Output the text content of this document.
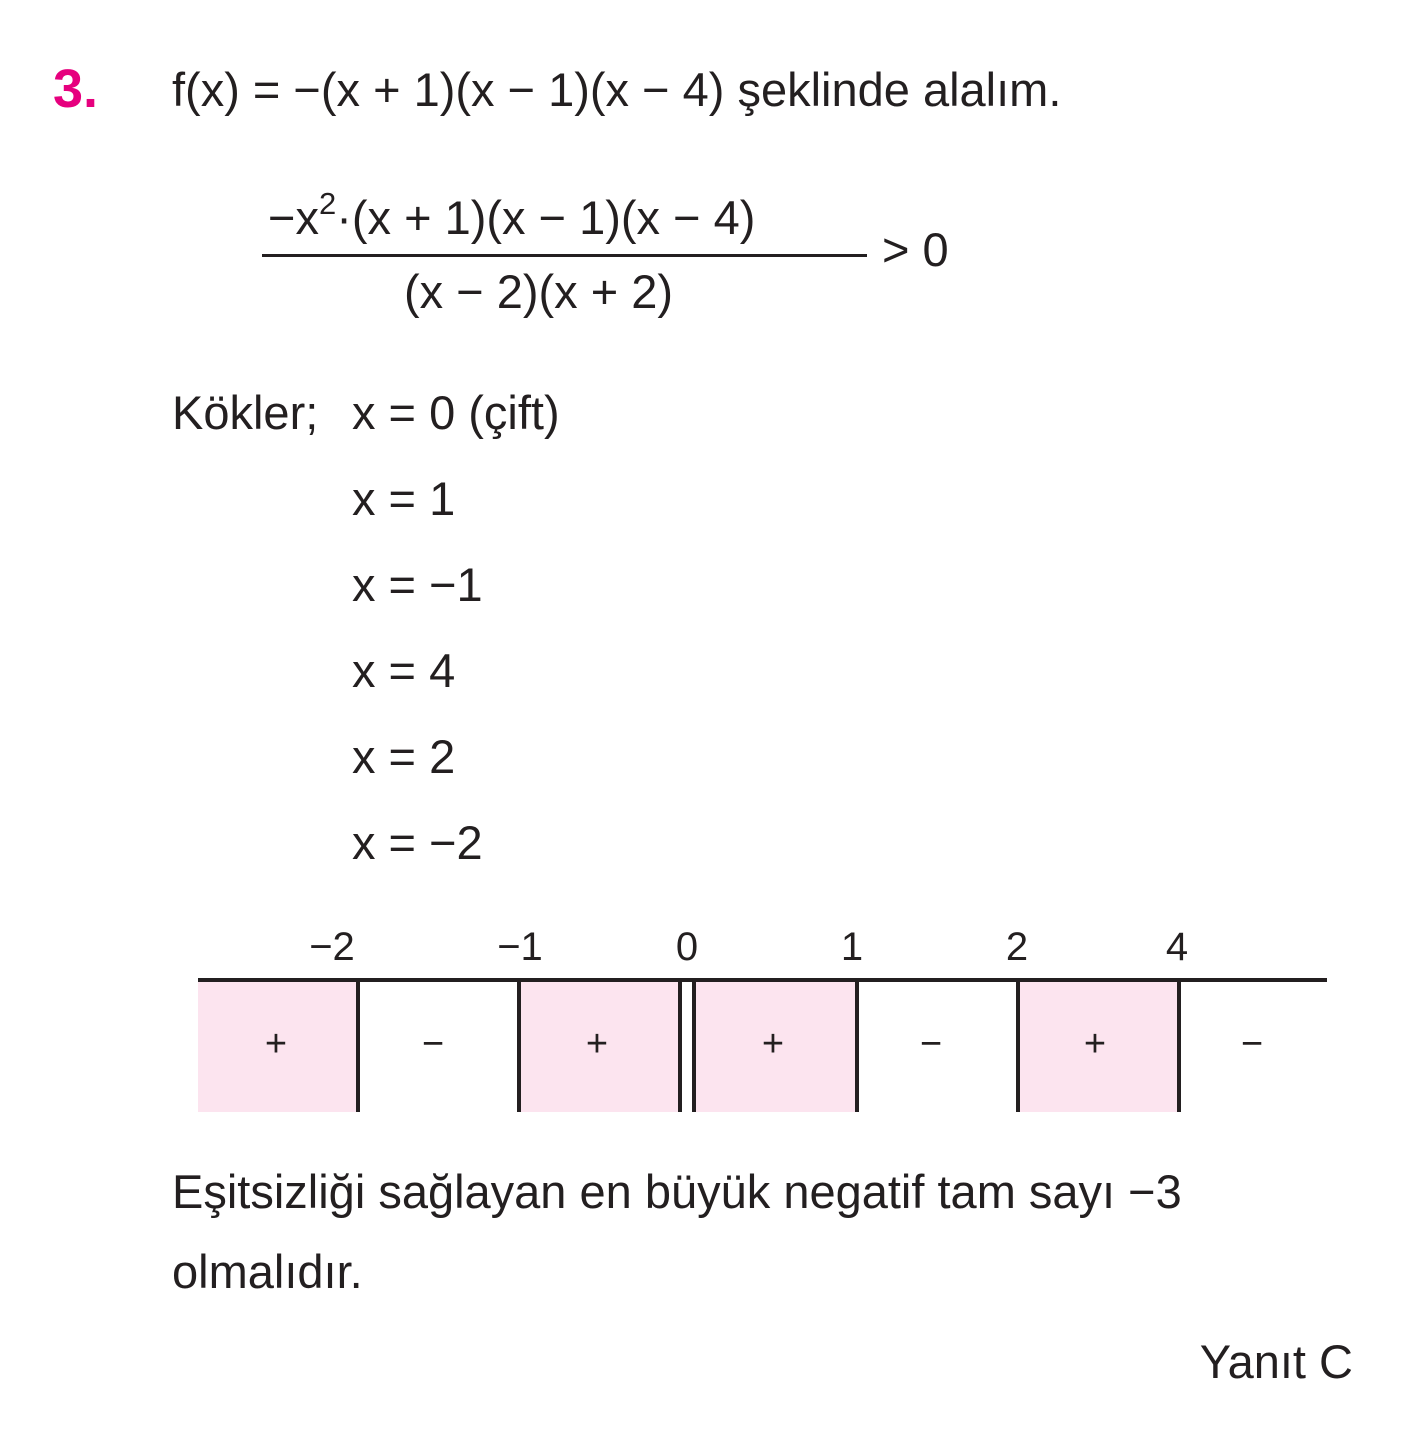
3. f(x) = −(x + 1)(x − 1)(x − 4) şeklinde alalım.
$-x^2\cdot(x + 1)(x - 1)(x - 4)$
(x − 2)(x + 2)
> 0
Kökler; x = 0 (çift)
x = 1
x = −1
x = 4
x = 2
x = −2
−2	−1	0	1	2	4
+	−	+	+	−	+	−
Eşitsizliği sağlayan en büyük negatif tam sayı −3
olmalıdır.
Yanıt C
